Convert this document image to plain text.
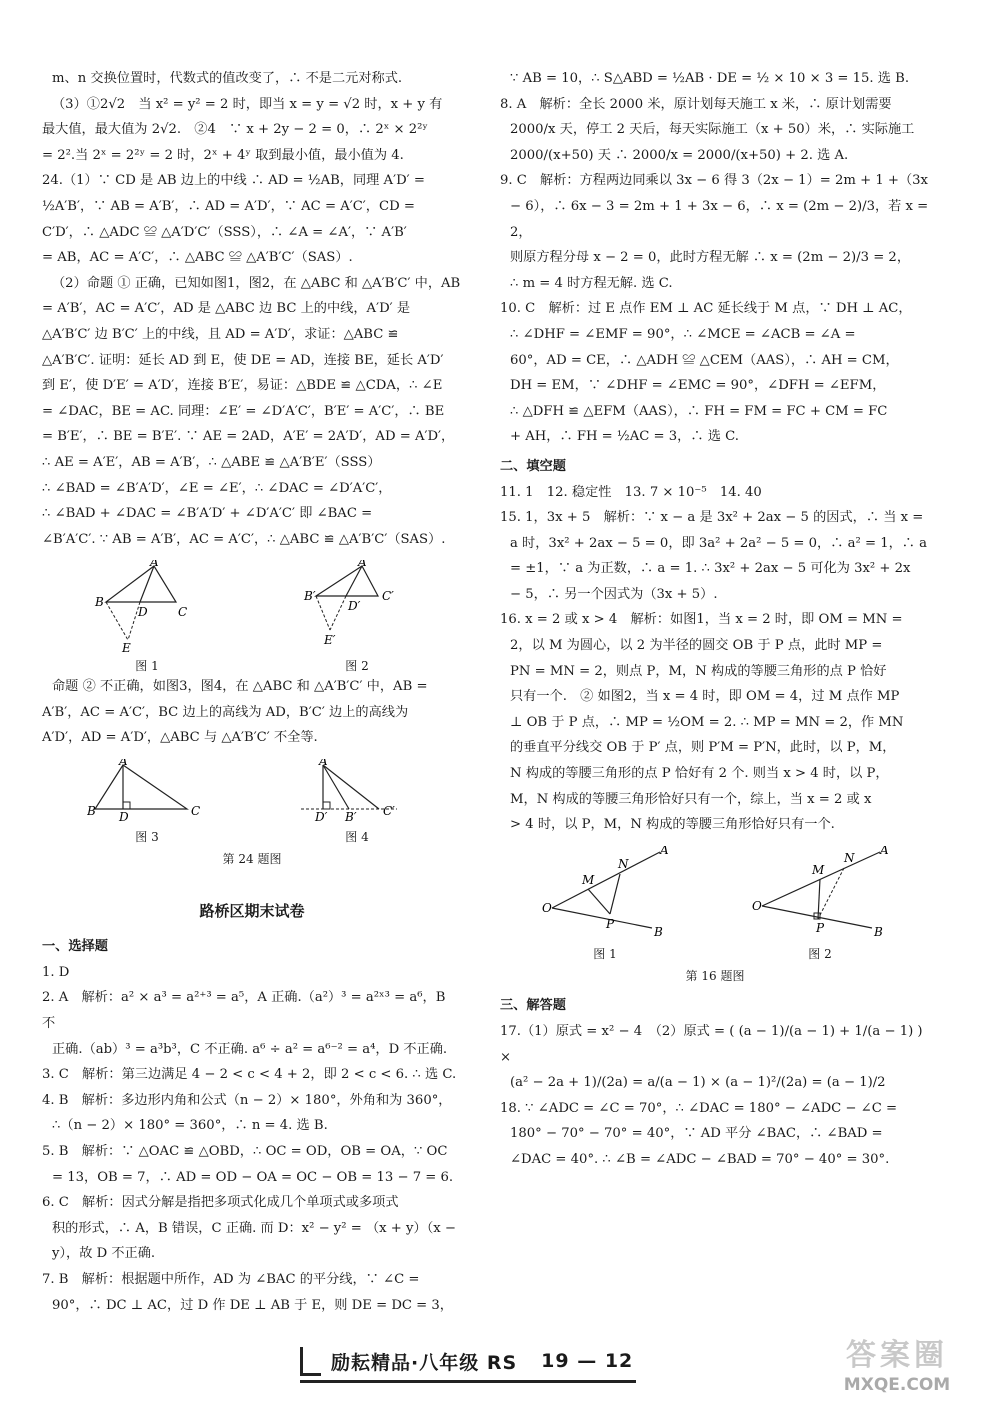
m、n 交换位置时，代数式的值改变了，∴ 不是二元对称式.

（3）①2√2　当 x² = y² = 2 时，即当 x = y = √2 时，x + y 有

最大值，最大值为 2√2.　②4　∵ x + 2y − 2 = 0，∴ 2ˣ × 2²ʸ

= 2².当 2ˣ = 2²ʸ = 2 时，2ˣ + 4ʸ 取到最小值，最小值为 4.

24.（1）∵ CD 是 AB 边上的中线 ∴ AD = ½AB，同理 A′D′ =

½A′B′，∵ AB = A′B′，∴ AD = A′D′，∵ AC = A′C′，CD =

C′D′，∴ △ADC ≌ △A′D′C′（SSS），∴ ∠A = ∠A′，∵ A′B′

= AB，AC = A′C′，∴ △ABC ≌ △A′B′C′（SAS）.

（2）命题 ① 正确，已知如图1，图2，在 △ABC 和 △A′B′C′ 中，AB

= A′B′，AC = A′C′，AD 是 △ABC 边 BC 上的中线，A′D′ 是

△A′B′C′ 边 B′C′ 上的中线，且 AD = A′D′，求证：△ABC ≌

△A′B′C′. 证明：延长 AD 到 E，使 DE = AD，连接 BE，延长 A′D′

到 E′，使 D′E′ = A′D′，连接 B′E′，易证：△BDE ≌ △CDA，∴ ∠E

= ∠DAC，BE = AC. 同理：∠E′ = ∠D′A′C′，B′E′ = A′C′，∴ BE

= B′E′，∴ BE = B′E′. ∵ AE = 2AD，A′E′ = 2A′D′，AD = A′D′，

∴ AE = A′E′，AB = A′B′，∴ △ABE ≌ △A′B′E′（SSS）

∴ ∠BAD = ∠B′A′D′，∠E = ∠E′，∴ ∠DAC = ∠D′A′C′，

∴ ∠BAD + ∠DAC = ∠B′A′D′ + ∠D′A′C′ 即 ∠BAC =

∠B′A′C′. ∵ AB = A′B′，AC = A′C′，∴ △ABC ≌ △A′B′C′（SAS）.

A
B
D	C
E
图 1
A′
B′
D′
C′
E′
图 2

命题 ② 不正确，如图3，图4，在 △ABC 和 △A′B′C′ 中，AB =

A′B′，AC = A′C′，BC 边上的高线为 AD，B′C′ 边上的高线为

A′D′，AD = A′D′，△ABC 与 △A′B′C′ 不全等.

A
B D	C
图 3
A′
D′ B′ C′
图 4
第 24 题图
路桥区期末试卷
一、选择题

1. D

2. A　解析：a² × a³ = a²⁺³ = a⁵，A 正确.（a²）³ = a²ˣ³ = a⁶，B 不

正确.（ab）³ = a³b³，C 不正确. a⁶ ÷ a² = a⁶⁻² = a⁴，D 不正确.

3. C　解析：第三边满足 4 − 2 < c < 4 + 2，即 2 < c < 6. ∴ 选 C.

4. B　解析：多边形内角和公式（n − 2）× 180°，外角和为 360°，

∴（n − 2）× 180° = 360°，∴ n = 4. 选 B.

5. B　解析：∵ △OAC ≌ △OBD，∴ OC = OD，OB = OA，∵ OC

= 13，OB = 7，∴ AD = OD − OA = OC − OB = 13 − 7 = 6.

6. C　解析：因式分解是指把多项式化成几个单项式或多项式

积的形式，∴ A，B 错误，C 正确. 而 D：x² − y² = （x + y）（x −

y），故 D 不正确.

7. B　解析：根据题中所作，AD 为 ∠BAC 的平分线，∵ ∠C =

90°，∴ DC ⊥ AC，过 D 作 DE ⊥ AB 于 E，则 DE = DC = 3，

∵ AB = 10，∴ S△ABD = ½AB · DE = ½ × 10 × 3 = 15. 选 B.

8. A　解析：全长 2000 米，原计划每天施工 x 米，∴ 原计划需要

2000/x 天，停工 2 天后，每天实际施工（x + 50）米，∴ 实际施工

2000/(x+50) 天 ∴ 2000/x = 2000/(x+50) + 2. 选 A.

9. C　解析：方程两边同乘以 3x − 6 得 3（2x − 1）= 2m + 1 +（3x

− 6），∴ 6x − 3 = 2m + 1 + 3x − 6，∴ x = (2m − 2)/3，若 x = 2，

则原方程分母 x − 2 = 0，此时方程无解 ∴ x = (2m − 2)/3 = 2，

∴ m = 4 时方程无解. 选 C.

10. C　解析：过 E 点作 EM ⊥ AC 延长线于 M 点，∵ DH ⊥ AC，

∴ ∠DHF = ∠EMF = 90°，∴ ∠MCE = ∠ACB = ∠A =

60°，AD = CE，∴ △ADH ≌ △CEM（AAS），∴ AH = CM，

DH = EM，∵ ∠DHF = ∠EMC = 90°，∠DFH = ∠EFM，

∴ △DFH ≌ △EFM（AAS），∴ FH = FM = FC + CM = FC

+ AH，∴ FH = ½AC = 3，∴ 选 C.

二、填空题

11. 1　12. 稳定性　13. 7 × 10⁻⁵　14. 40

15. 1，3x + 5　解析：∵ x − a 是 3x² + 2ax − 5 的因式，∴ 当 x =

a 时，3x² + 2ax − 5 = 0，即 3a² + 2a² − 5 = 0，∴ a² = 1，∴ a

= ±1，∵ a 为正数，∴ a = 1. ∴ 3x² + 2ax − 5 可化为 3x² + 2x

− 5，∴ 另一个因式为（3x + 5）.

16. x = 2 或 x > 4　解析：如图1，当 x = 2 时，即 OM = MN =

2，以 M 为圆心，以 2 为半径的圆交 OB 于 P 点，此时 MP =

PN = MN = 2，则点 P，M，N 构成的等腰三角形的点 P 恰好

只有一个.　② 如图2，当 x = 4 时，即 OM = 4，过 M 点作 MP

⊥ OB 于 P 点，∴ MP = ½OM = 2. ∴ MP = MN = 2，作 MN

的垂直平分线交 OB 于 P′ 点，则 P′M = P′N，此时，以 P，M，

N 构成的等腰三角形的点 P 恰好有 2 个. 则当 x > 4 时，以 P，

M，N 构成的等腰三角形恰好只有一个，综上，当 x = 2 或 x

> 4 时，以 P，M，N 构成的等腰三角形恰好只有一个.

O
M
N
A
P
B
图 1
O
M
N
A
P	B
图 2
第 16 题图
三、解答题

17.（1）原式 = x² − 4　（2）原式 = ( (a − 1)/(a − 1) + 1/(a − 1) ) ×

(a² − 2a + 1)/(2a) = a/(a − 1) × (a − 1)²/(2a) = (a − 1)/2

18. ∵ ∠ADC = ∠C = 70°，∴ ∠DAC = 180° − ∠ADC − ∠C =

180° − 70° − 70° = 40°，∵ AD 平分 ∠BAC，∴ ∠BAD =

∠DAC = 40°. ∴ ∠B = ∠ADC − ∠BAD = 70° − 40° = 30°.

励耘精品·八年级 RS 19 — 12	答案圈
MXQE.COM
